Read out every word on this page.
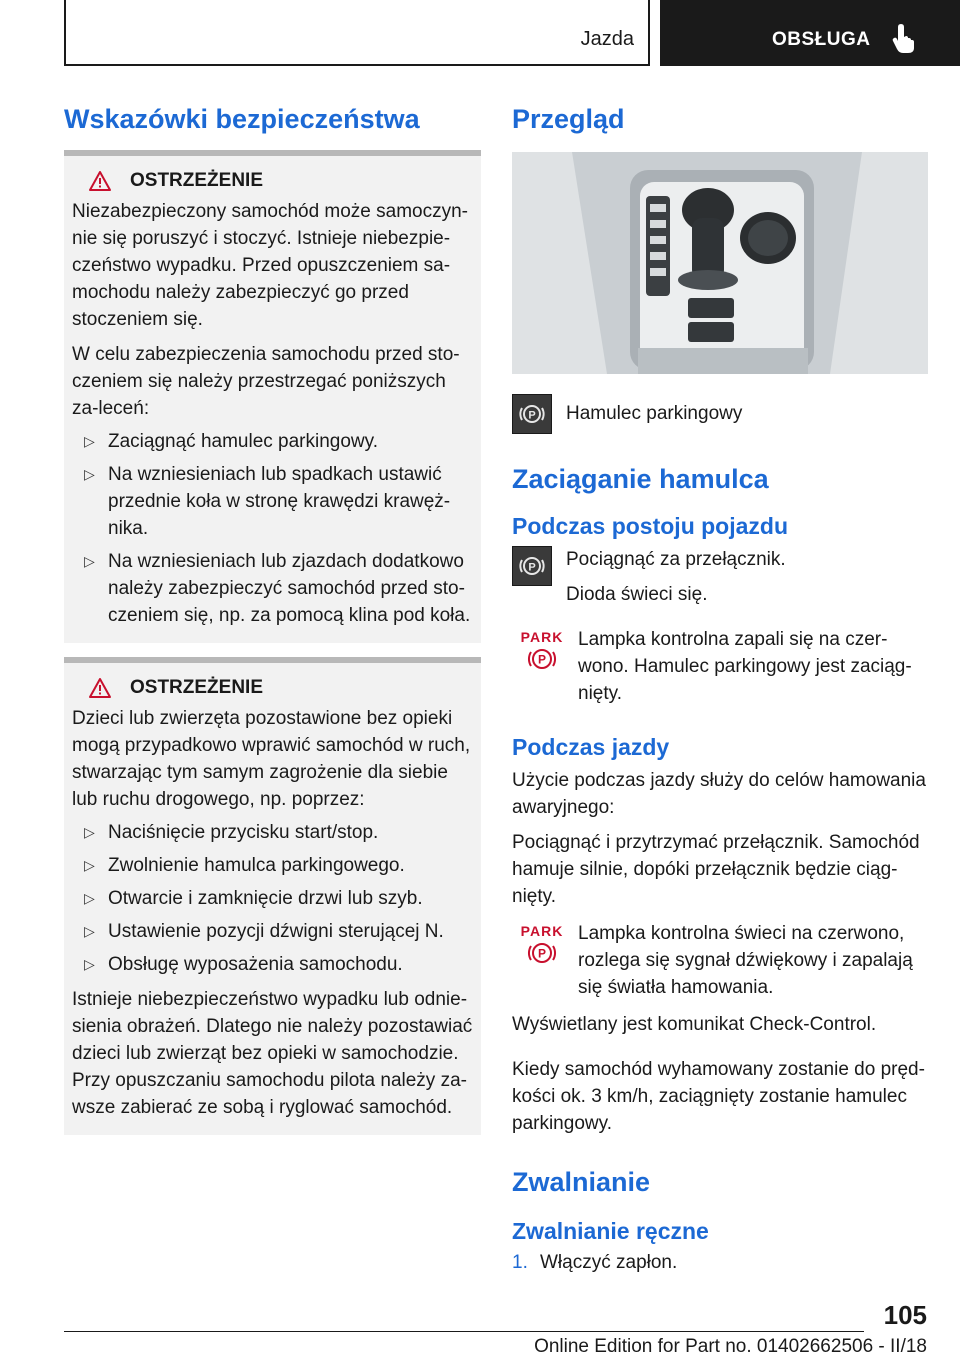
Jazda	OBSŁUGA
Wskazówki bezpieczeństwa
OSTRZEŻENIE

Niezabezpieczony samochód może samoczyn-nie się poruszyć i stoczyć. Istnieje niebezpie-czeństwo wypadku. Przed opuszczeniem sa-mochodu należy zabezpieczyć go przed stoczeniem się.

W celu zabezpieczenia samochodu przed sto-czeniem się należy przestrzegać poniższych za-leceń:

▷ Zaciągnąć hamulec parkingowy.
▷ Na wzniesieniach lub spadkach ustawić przednie koła w stronę krawędzi krawęż-nika.
▷ Na wzniesieniach lub zjazdach dodatkowo należy zabezpieczyć samochód przed sto-czeniem się, np. za pomocą klina pod koła.
OSTRZEŻENIE

Dzieci lub zwierzęta pozostawione bez opieki mogą przypadkowo wprawić samochód w ruch, stwarzając tym samym zagrożenie dla siebie lub ruchu drogowego, np. poprzez:

▷ Naciśnięcie przycisku start/stop.
▷ Zwolnienie hamulca parkingowego.
▷ Otwarcie i zamknięcie drzwi lub szyb.
▷ Ustawienie pozycji dźwigni sterującej N.
▷ Obsługę wyposażenia samochodu.

Istnieje niebezpieczeństwo wypadku lub odnie-sienia obrażeń. Dlatego nie należy pozostawiać dzieci lub zwierząt bez opieki w samochodzie. Przy opuszczaniu samochodu pilota należy za-wsze zabierać ze sobą i ryglować samochód.

Przegląd
P Hamulec parkingowy

Zaciąganie hamulca
Podczas postoju pojazdu
P Pociągnąć za przełącznik.

Dioda świeci się.

PARK
P

Lampka kontrolna zapali się na czer-wono. Hamulec parkingowy jest zaciąg-nięty.

Podczas jazdy

Użycie podczas jazdy służy do celów hamowania awaryjnego:

Pociągnąć i przytrzymać przełącznik. Samochód hamuje silnie, dopóki przełącznik będzie ciąg-nięty.

PARK
P

Lampka kontrolna świeci na czerwono, rozlega się sygnał dźwiękowy i zapalają się światła hamowania.

Wyświetlany jest komunikat Check-Control.

Kiedy samochód wyhamowany zostanie do pręd-kości ok. 3 km/h, zaciągnięty zostanie hamulec parkingowy.

Zwalnianie
Zwalnianie ręczne
1. Włączyć zapłon.
105
Online Edition for Part no. 01402662506 - II/18
